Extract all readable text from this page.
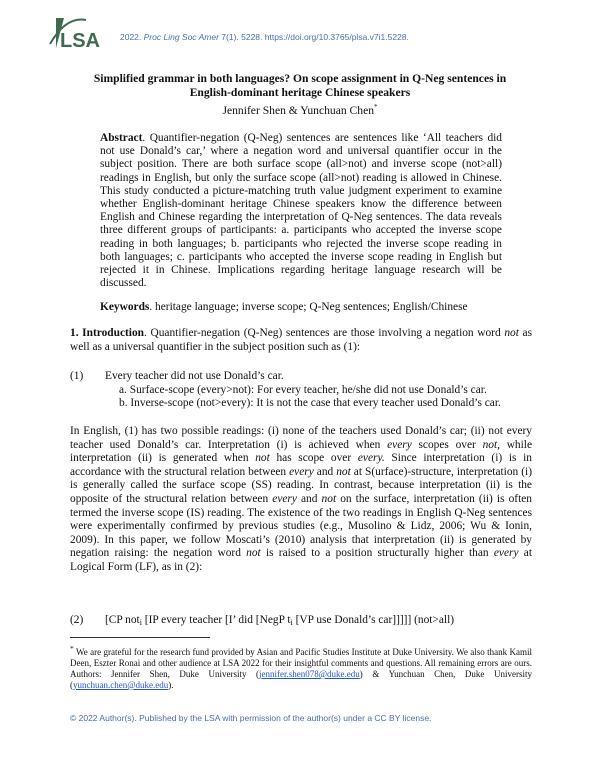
LSA 2022. Proc Ling Soc Amer 7(1). 5228. https://doi.org/10.3765/plsa.v7i1.5228.
Simplified grammar in both languages? On scope assignment in Q-Neg sentences in
English-dominant heritage Chinese speakers
Jennifer Shen & Yunchuan Chen*
Abstract. Quantifier-negation (Q-Neg) sentences are sentences like ‘All teachers did not use Donald’s car,’ where a negation word and universal quantifier occur in the subject position. There are both surface scope (all>not) and inverse scope (not>all) readings in English, but only the surface scope (all>not) reading is allowed in Chinese. This study conducted a picture-matching truth value judgment experiment to examine whether English-dominant heritage Chinese speakers know the difference between English and Chinese regarding the interpretation of Q-Neg sentences. The data reveals three different groups of participants: a. participants who accepted the inverse scope reading in both languages; b. participants who rejected the inverse scope reading in both languages; c. participants who accepted the inverse scope reading in English but rejected it in Chinese. Implications regarding heritage language research will be discussed.
Keywords. heritage language; inverse scope; Q-Neg sentences; English/Chinese
1. Introduction. Quantifier-negation (Q-Neg) sentences are those involving a negation word not as well as a universal quantifier in the subject position such as (1):
(1) Every teacher did not use Donald’s car.
a. Surface-scope (every>not): For every teacher, he/she did not use Donald’s car.
b. Inverse-scope (not>every): It is not the case that every teacher used Donald’s car.
In English, (1) has two possible readings: (i) none of the teachers used Donald’s car; (ii) not every teacher used Donald’s car. Interpretation (i) is achieved when every scopes over not, while interpretation (ii) is generated when not has scope over every. Since interpretation (i) is in accordance with the structural relation between every and not at S(urface)-structure, interpretation (i) is generally called the surface scope (SS) reading. In contrast, because interpretation (ii) is the opposite of the structural relation between every and not on the surface, interpretation (ii) is often termed the inverse scope (IS) reading. The existence of the two readings in English Q-Neg sentences were experimentally confirmed by previous studies (e.g., Musolino & Lidz, 2006; Wu & Ionin, 2009). In this paper, we follow Moscati’s (2010) analysis that interpretation (ii) is generated by negation raising: the negation word not is raised to a position structurally higher than every at Logical Form (LF), as in (2):
(2) [CP noti [IP every teacher [I’ did [NegP ti [VP use Donald’s car]]]]] (not>all)
* We are grateful for the research fund provided by Asian and Pacific Studies Institute at Duke University. We also thank Kamil Deen, Eszter Ronai and other audience at LSA 2022 for their insightful comments and questions. All remaining errors are ours. Authors: Jennifer Shen, Duke University (jennifer.shen078@duke.edu) & Yunchuan Chen, Duke University (yunchuan.chen@duke.edu).
© 2022 Author(s). Published by the LSA with permission of the author(s) under a CC BY license.
